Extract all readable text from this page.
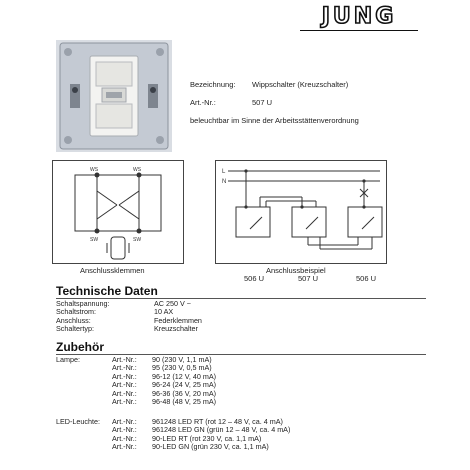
JUNG
Bezeichnung: Wippschalter (Kreuzschalter)
Art.-Nr.:	507 U
beleuchtbar im Sinne der Arbeitsstättenverordnung
WS	WS
SW	SW
Anschlussklemmen
L
N
Anschlussbeispiel
506 U	507 U	506 U
Technische Daten
Schaltspannung:	AC 250 V ~
Schaltstrom:	10 AX
Anschluss:	Federklemmen
Schaltertyp:	Kreuzschalter
Zubehör
Lampe:	Art.-Nr.: 90 (230 V, 1,1 mA)
Art.-Nr.: 95 (230 V, 0,5 mA)
Art.-Nr.: 96-12 (12 V, 40 mA)
Art.-Nr.: 96-24 (24 V, 25 mA)
Art.-Nr.: 96-36 (36 V, 20 mA)
Art.-Nr.: 96-48 (48 V, 25 mA)
LED-Leuchte: Art.-Nr.: 961248 LED RT (rot 12 – 48 V, ca. 4 mA)
Art.-Nr.: 961248 LED GN (grün 12 – 48 V, ca. 4 mA)
Art.-Nr.: 90-LED RT (rot 230 V, ca. 1,1 mA)
Art.-Nr.: 90-LED GN (grün 230 V, ca. 1,1 mA)
